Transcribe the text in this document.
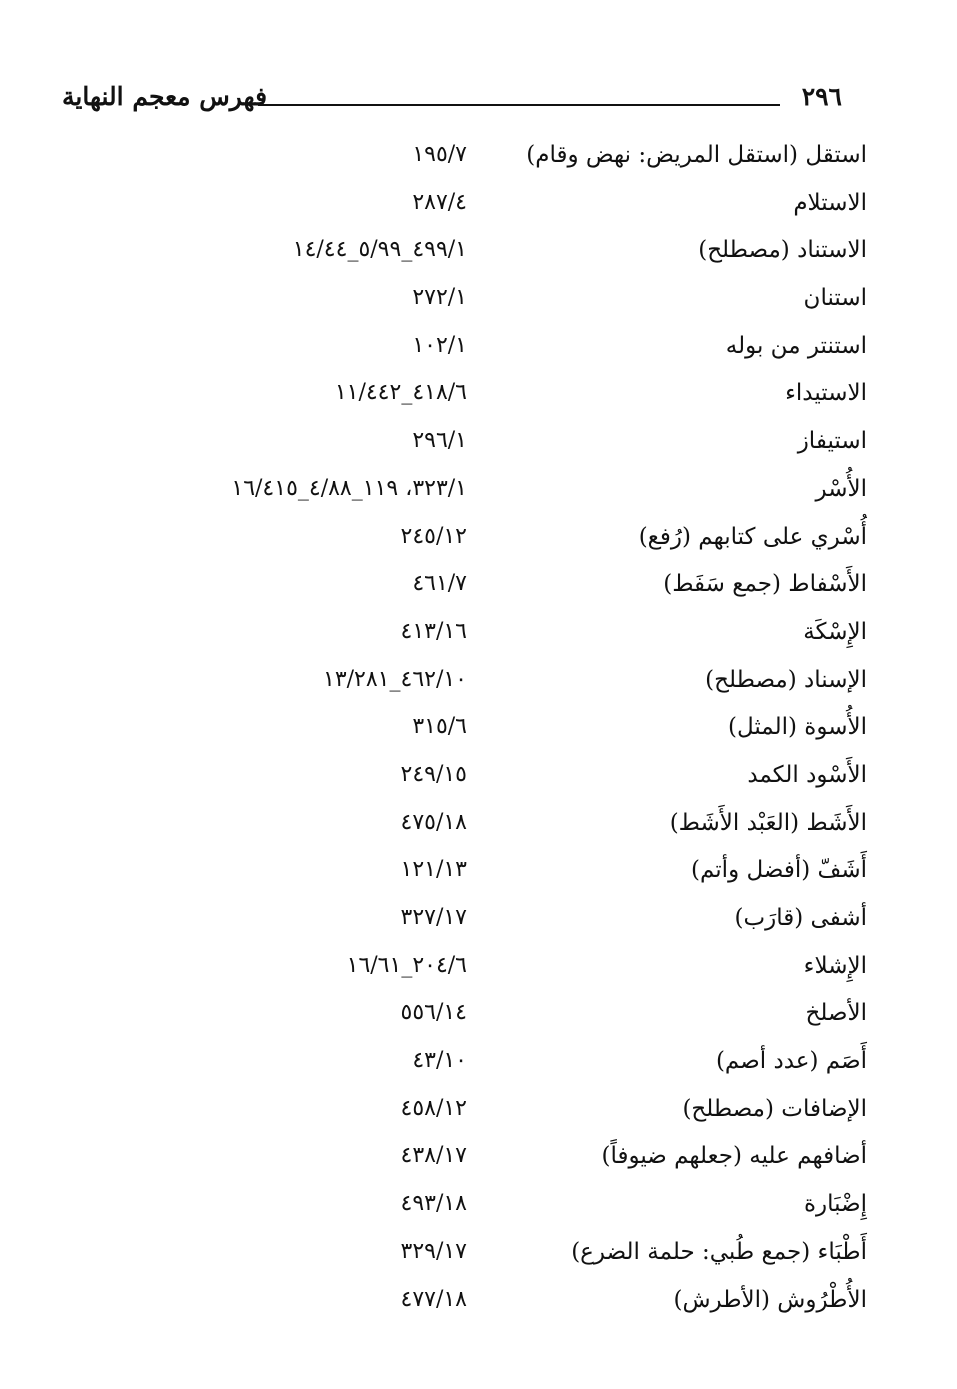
فهرس معجم النهاية	٢٩٦
استقل (استقل المريض: نهض وقام)
١٩٥/٧
الاستلام
٢٨٧/٤
الاستناد (مصطلح)
٤٩٩/١_٥/٩٩_١٤/٤٤
استنان
٢٧٢/١
استنتر من بوله
١٠٢/١
الاستيداء
٤١٨/٦_١١/٤٤٢
استيفاز
٢٩٦/١
الأُسْر
٣٢٣/١، ١١٩_٤/٨٨_١٦/٤١٥
أُسْري على كتابهم (رُفع)
٢٤٥/١٢
الأَسْفاط (جمع سَفَط)
٤٦١/٧
الإِسْكَة
٤١٣/١٦
الإسناد (مصطلح)
٤٦٢/١٠_١٣/٢٨١
الأُسوة (المثل)
٣١٥/٦
الأَسْود الكمد
٢٤٩/١٥
الأَشَط (العَبْد الأَشَط)
٤٧٥/١٨
أَشَفّ (أفضل وأتم)
١٢١/١٣
أشفى (قارَب)
٣٢٧/١٧
الإِشلاء
٢٠٤/٦_١٦/٦١
الأصلخ
٥٥٦/١٤
أَصَم (عدد أصم)
٤٣/١٠
الإضافات (مصطلح)
٤٥٨/١٢
أضافهم عليه (جعلهم ضيوفاً)
٤٣٨/١٧
إِضْبَارة
٤٩٣/١٨
أَطْبَاء (جمع طُبي: حلمة الضرع)
٣٢٩/١٧
الأُطْرُوش (الأطرش)
٤٧٧/١٨
